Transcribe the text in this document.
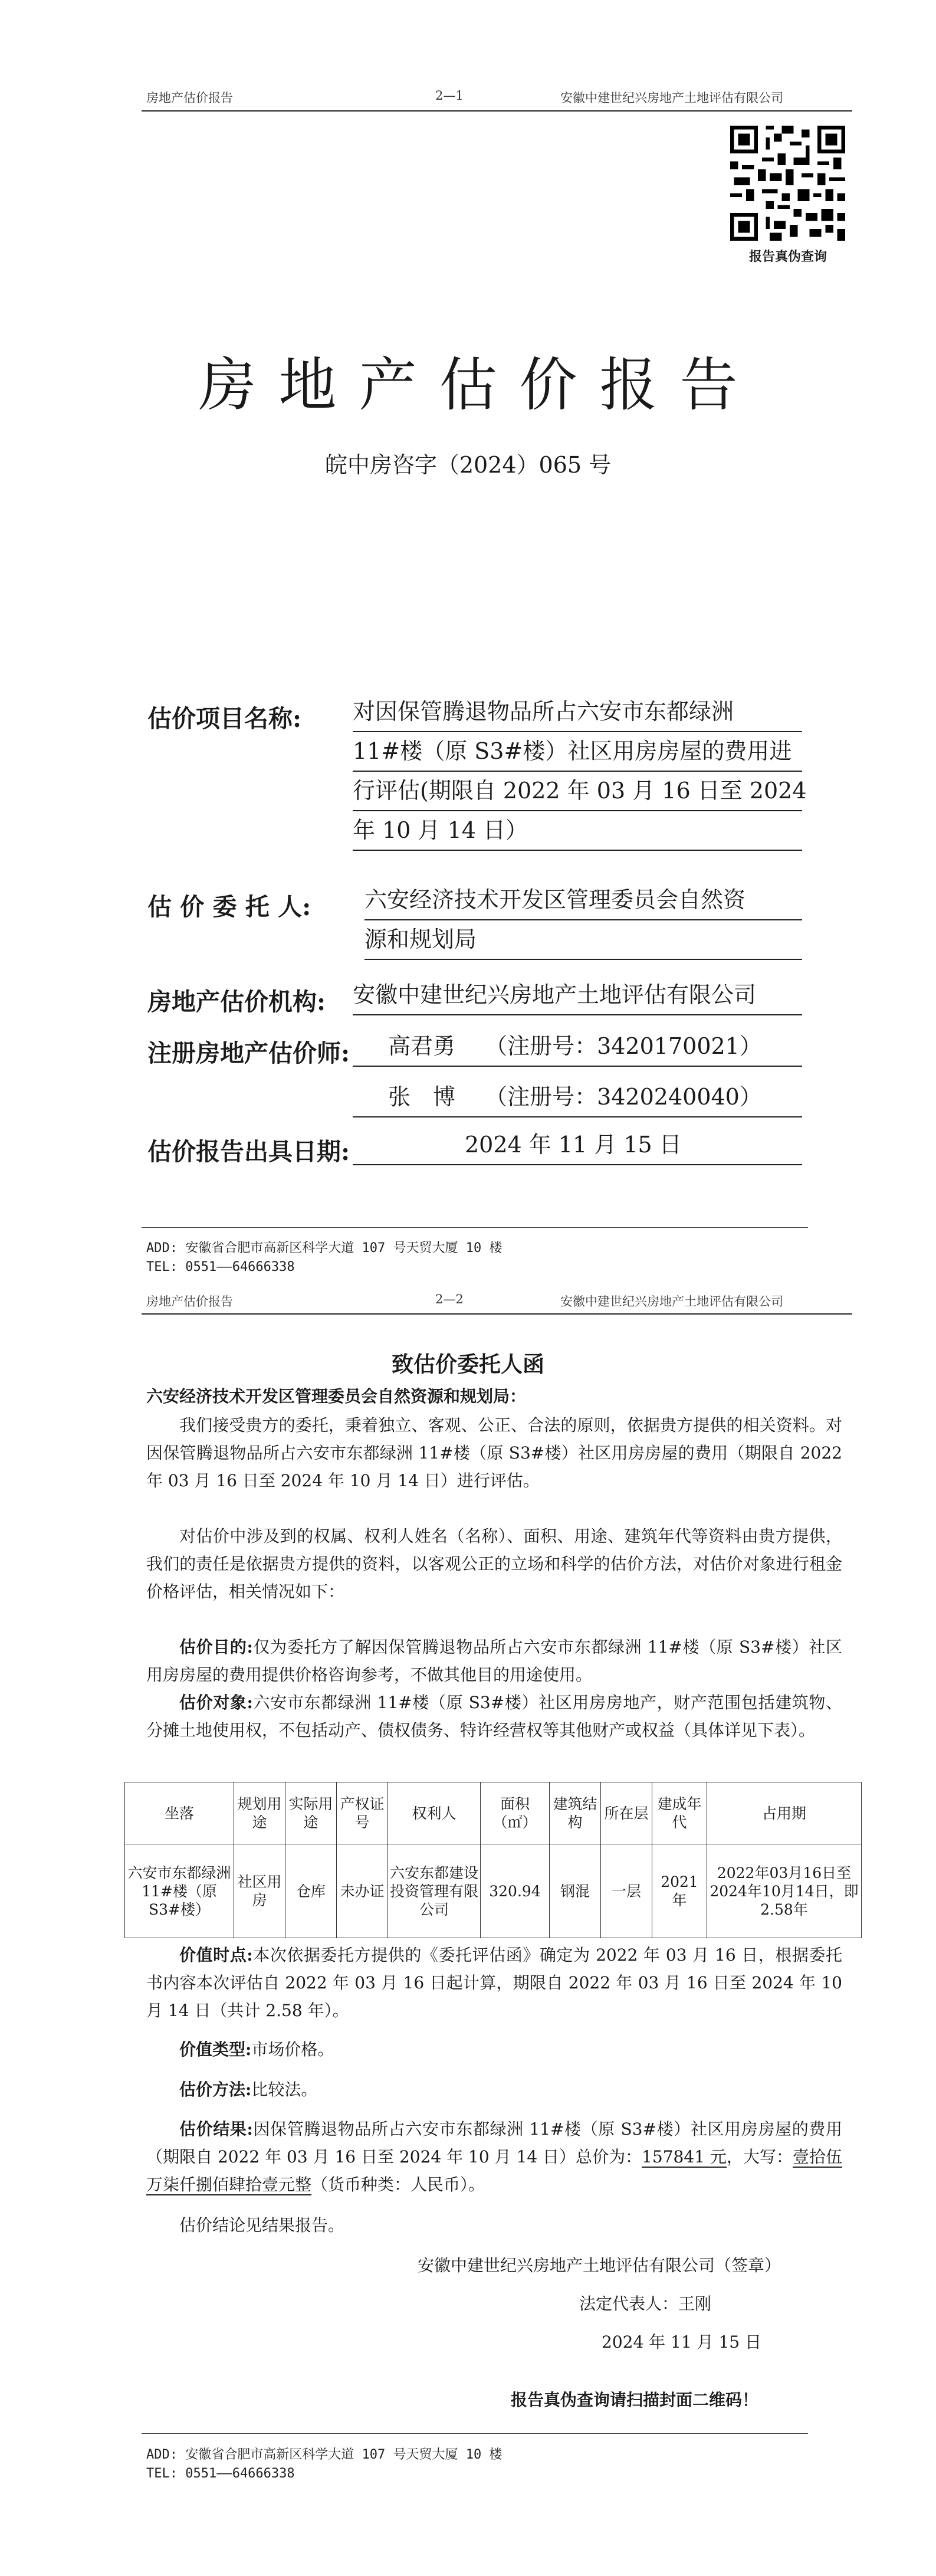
房地产估价报告	2—1	安徽中建世纪兴房地产土地评估有限公司
报告真伪查询
房地产估价报告
皖中房咨字（2024）065 号
估价项目名称: 对因保管腾退物品所占六安市东都绿洲
11#楼（原 S3#楼）社区用房房屋的费用进
行评估(期限自 2022 年 03 月 16 日至 2024
年 10 月 14 日）
估 价 委 托 人: 六安经济技术开发区管理委员会自然资
源和规划局
房地产估价机构: 安徽中建世纪兴房地产土地评估有限公司
注册房地产估价师:	高君勇　 （注册号：3420170021）
张　博　 （注册号：3420240040）
估价报告出具日期:	2024 年 11 月 15 日
ADD: 安徽省合肥市高新区科学大道 107 号天贸大厦 10 楼
TEL: 0551——64666338
房地产估价报告	2—2	安徽中建世纪兴房地产土地评估有限公司
致估价委托人函
六安经济技术开发区管理委员会自然资源和规划局：
我们接受贵方的委托，秉着独立、客观、公正、合法的原则，依据贵方提供的相关资料。对因保管腾退物品所占六安市东都绿洲 11#楼（原 S3#楼）社区用房房屋的费用（期限自 2022 年 03 月 16 日至 2024 年 10 月 14 日）进行评估。
对估价中涉及到的权属、权利人姓名（名称）、面积、用途、建筑年代等资料由贵方提供，我们的责任是依据贵方提供的资料，以客观公正的立场和科学的估价方法，对估价对象进行租金价格评估，相关情况如下：
估价目的:仅为委托方了解因保管腾退物品所占六安市东都绿洲 11#楼（原 S3#楼）社区用房房屋的费用提供价格咨询参考，不做其他目的用途使用。
估价对象:六安市东都绿洲 11#楼（原 S3#楼）社区用房房地产，财产范围包括建筑物、分摊土地使用权，不包括动产、债权债务、特许经营权等其他财产或权益（具体详见下表）。
坐落	规划用途	实际用途	产权证号	权利人	面积（㎡）	建筑结构	所在层	建成年代	占用期
六安市东都绿洲 11#楼（原 S3#楼）	社区用房	仓库	未办证	六安东都建设投资管理有限公司	320.94	钢混	一层	2021年	2022年03月16日至2024年10月14日，即2.58年
价值时点:本次依据委托方提供的《委托评估函》确定为 2022 年 03 月 16 日，根据委托书内容本次评估自 2022 年 03 月 16 日起计算，期限自 2022 年 03 月 16 日至 2024 年 10 月 14 日（共计 2.58 年）。
价值类型:市场价格。
估价方法:比较法。
估价结果:因保管腾退物品所占六安市东都绿洲 11#楼（原 S3#楼）社区用房房屋的费用（期限自 2022 年 03 月 16 日至 2024 年 10 月 14 日）总价为：157841 元，大写：壹拾伍万柒仟捌佰肆拾壹元整（货币种类：人民币）。
估价结论见结果报告。
安徽中建世纪兴房地产土地评估有限公司（签章）
法定代表人：王刚
2024 年 11 月 15 日
报告真伪查询请扫描封面二维码！
ADD: 安徽省合肥市高新区科学大道 107 号天贸大厦 10 楼
TEL: 0551——64666338
